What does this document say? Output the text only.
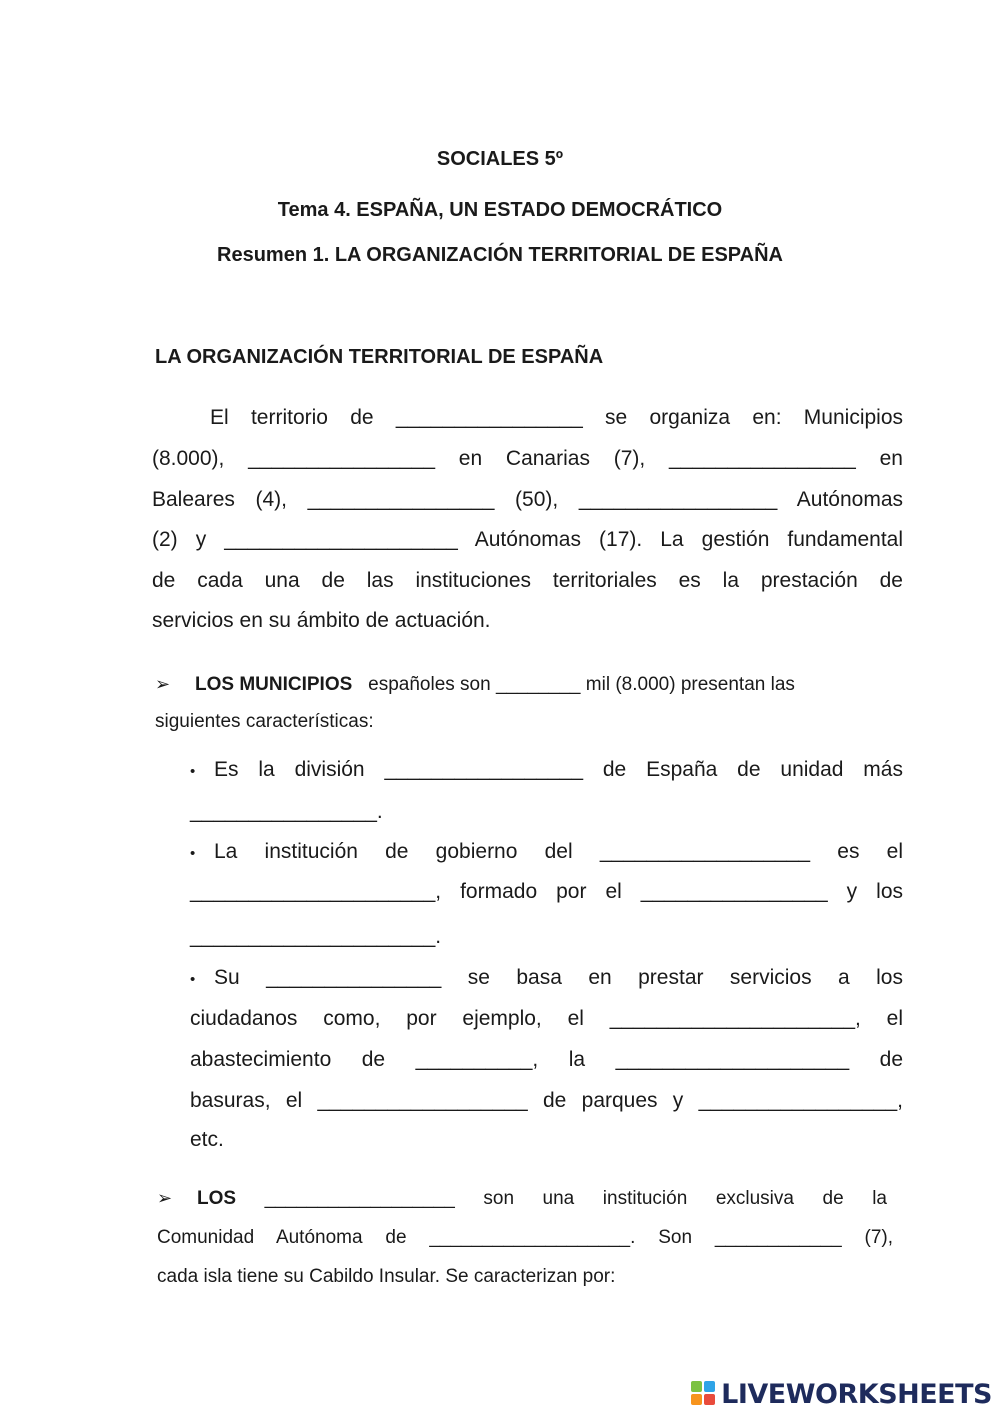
SOCIALES 5º
Tema 4. ESPAÑA, UN ESTADO DEMOCRÁTICO
Resumen 1. LA ORGANIZACIÓN TERRITORIAL DE ESPAÑA
LA ORGANIZACIÓN TERRITORIAL DE ESPAÑA
El territorio de ________________ se organiza en: Municipios
(8.000), ________________ en Canarias (7), ________________ en
Baleares (4), ________________ (50), _________________ Autónomas
(2) y ____________________ Autónomas (17). La gestión fundamental
de cada una de las instituciones territoriales es la prestación de
servicios en su ámbito de actuación.
➢ LOS MUNICIPIOS españoles son ________ mil (8.000) presentan las
siguientes características:
• Es la división _________________ de España de unidad más
________________.
• La institución de gobierno del __________________ es el
_____________________, formado por el ________________ y los
_____________________.
• Su _______________ se basa en prestar servicios a los
ciudadanos como, por ejemplo, el _____________________, el
abastecimiento de __________, la ____________________ de
basuras, el __________________ de parques y _________________,
etc.
➢ LOS __________________ son una institución exclusiva de la
Comunidad Autónoma de ___________________. Son ____________ (7),
cada isla tiene su Cabildo Insular. Se caracterizan por:
LIVEWORKSHEETS
